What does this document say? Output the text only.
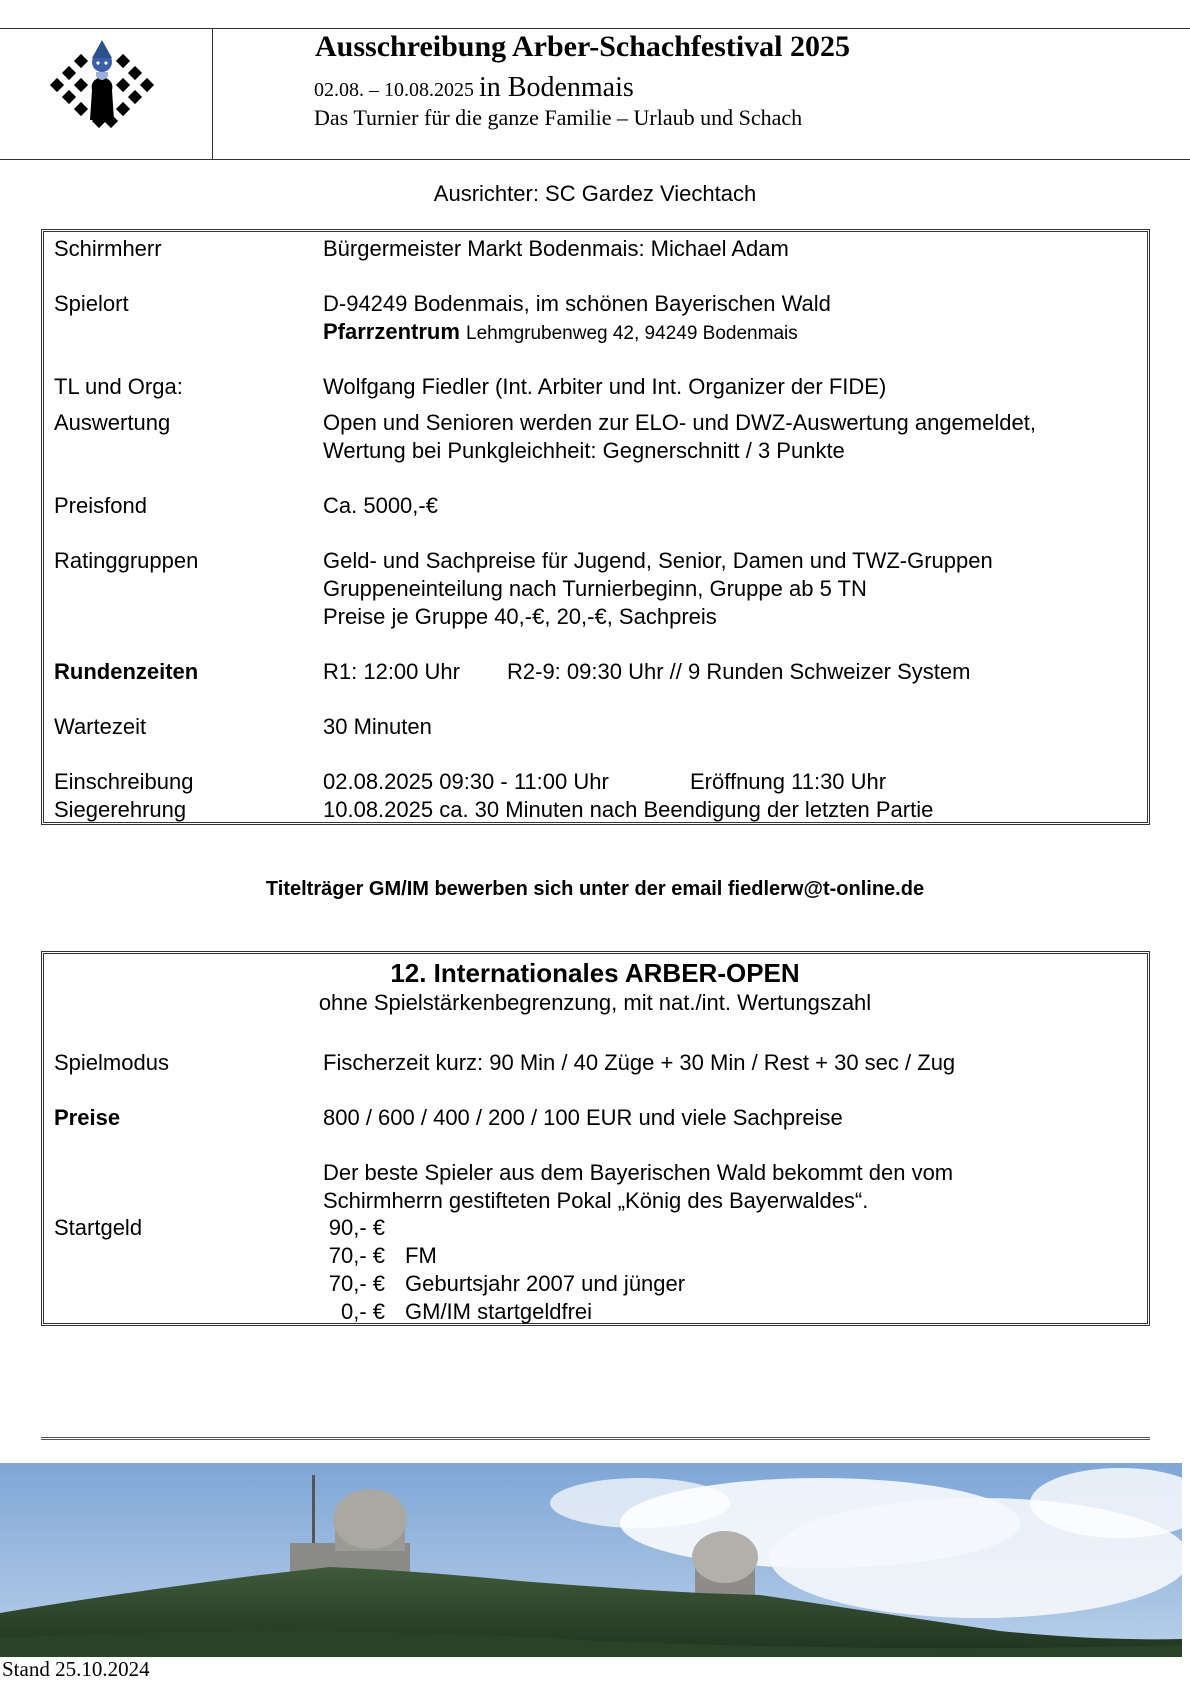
Ausschreibung Arber-Schachfestival 2025
02.08. – 10.08.2025 in Bodenmais
Das Turnier für die ganze Familie – Urlaub und Schach
Ausrichter: SC Gardez Viechtach
Schirmherr	Bürgermeister Markt Bodenmais: Michael Adam
Spielort	D-94249 Bodenmais, im schönen Bayerischen Wald
Pfarrzentrum Lehmgrubenweg 42, 94249 Bodenmais
TL und Orga:	Wolfgang Fiedler (Int. Arbiter und Int. Organizer der FIDE)
Auswertung	Open und Senioren werden zur ELO- und DWZ-Auswertung angemeldet,
Wertung bei Punkgleichheit: Gegnerschnitt / 3 Punkte
Preisfond	Ca. 5000,-€
Ratinggruppen	Geld- und Sachpreise für Jugend, Senior, Damen und TWZ-Gruppen
Gruppeneinteilung nach Turnierbeginn, Gruppe ab 5 TN
Preise je Gruppe 40,-€, 20,-€, Sachpreis
Rundenzeiten	R1: 12:00 Uhr R2-9: 09:30 Uhr // 9 Runden Schweizer System
Wartezeit	30 Minuten
Einschreibung	02.08.2025 09:30 - 11:00 Uhr	Eröffnung 11:30 Uhr
Siegerehrung	10.08.2025 ca. 30 Minuten nach Beendigung der letzten Partie
Titelträger GM/IM bewerben sich unter der email fiedlerw@t-online.de
12. Internationales ARBER-OPEN
ohne Spielstärkenbegrenzung, mit nat./int. Wertungszahl
Spielmodus	Fischerzeit kurz: 90 Min / 40 Züge + 30 Min / Rest + 30 sec / Zug
Preise	800 / 600 / 400 / 200 / 100 EUR und viele Sachpreise
Der beste Spieler aus dem Bayerischen Wald bekommt den vom
Schirmherrn gestifteten Pokal „König des Bayerwaldes“.
Startgeld	90,- €
70,- € FM
70,- € Geburtsjahr 2007 und jünger
0,- € GM/IM startgeldfrei
Stand 25.10.2024
